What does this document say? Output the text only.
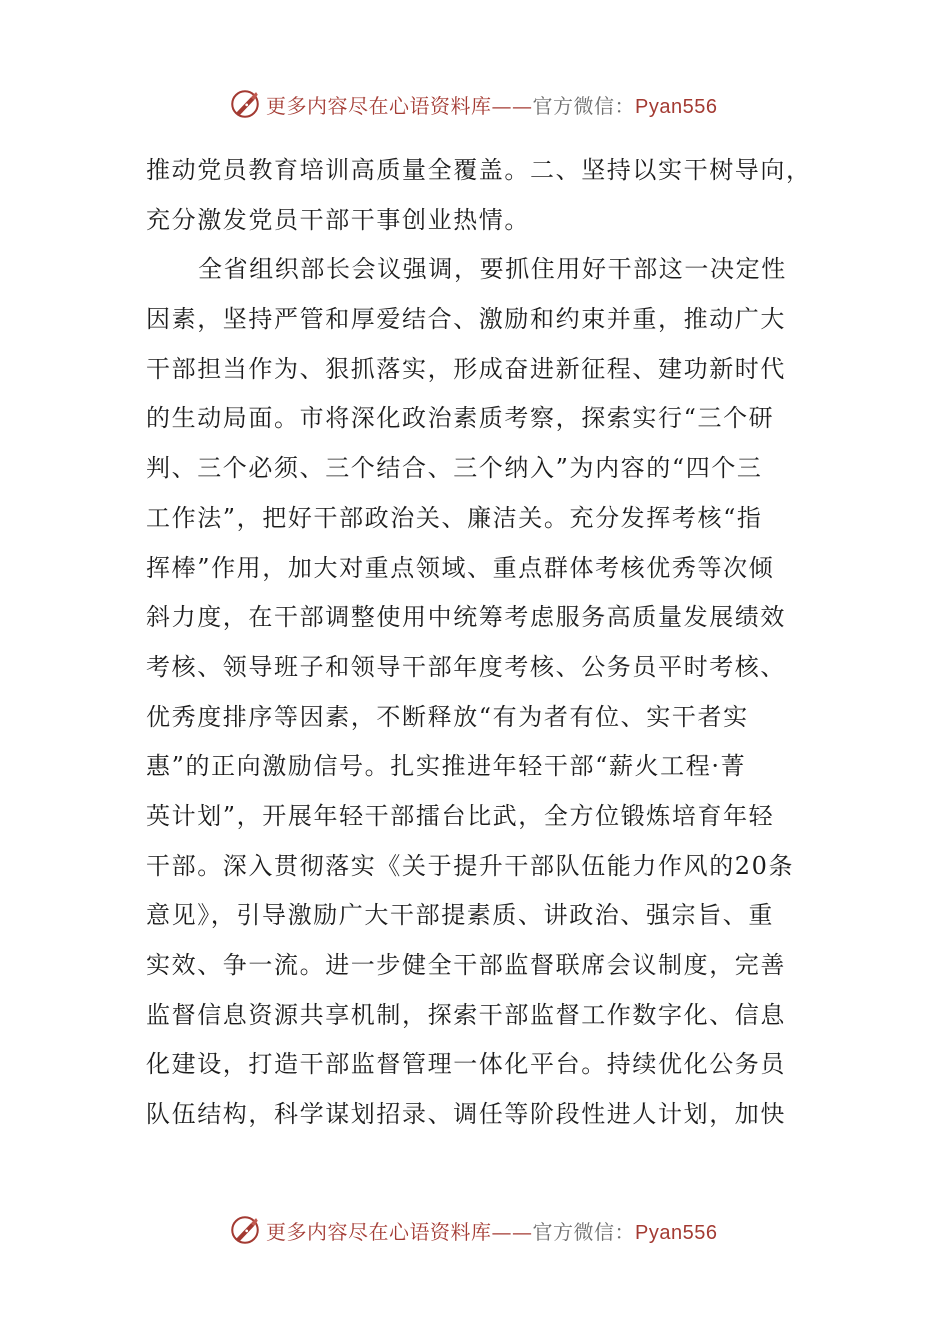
更多内容尽在心语资料库——官方微信：Pyan556
推动党员教育培训高质量全覆盖。二、坚持以实干树导向，
充分激发党员干部干事创业热情。
全省组织部长会议强调，要抓住用好干部这一决定性
因素，坚持严管和厚爱结合、激励和约束并重，推动广大
干部担当作为、狠抓落实，形成奋进新征程、建功新时代
的生动局面。市将深化政治素质考察，探索实行“三个研
判、三个必须、三个结合、三个纳入”为内容的“四个三
工作法”，把好干部政治关、廉洁关。充分发挥考核“指
挥棒”作用，加大对重点领域、重点群体考核优秀等次倾
斜力度，在干部调整使用中统筹考虑服务高质量发展绩效
考核、领导班子和领导干部年度考核、公务员平时考核、
优秀度排序等因素，不断释放“有为者有位、实干者实
惠”的正向激励信号。扎实推进年轻干部“薪火工程·菁
英计划”，开展年轻干部擂台比武，全方位锻炼培育年轻
干部。深入贯彻落实《关于提升干部队伍能力作风的20条
意见》，引导激励广大干部提素质、讲政治、强宗旨、重
实效、争一流。进一步健全干部监督联席会议制度，完善
监督信息资源共享机制，探索干部监督工作数字化、信息
化建设，打造干部监督管理一体化平台。持续优化公务员
队伍结构，科学谋划招录、调任等阶段性进人计划，加快
更多内容尽在心语资料库——官方微信：Pyan556
